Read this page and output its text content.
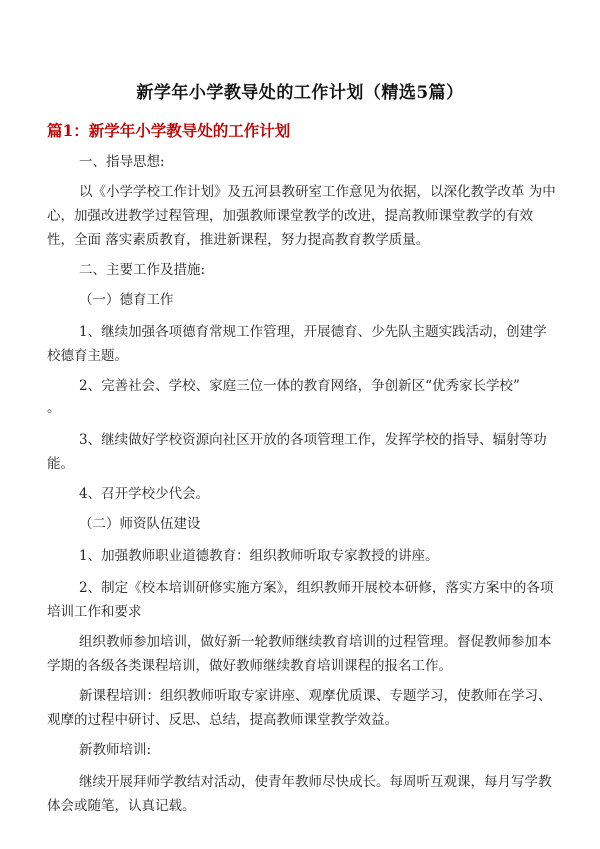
新学年小学教导处的工作计划（精选5篇）
篇1：新学年小学教导处的工作计划

一、指导思想:

以《小学学校工作计划》及五河县教研室工作意见为依据，以深化教学改革 为中心，加强改进教学过程管理，加强教师课堂教学的改进，提高教师课堂教学的有效性，全面 落实素质教育，推进新课程，努力提高教育教学质量。

二、主要工作及措施:

（一）德育工作

1、继续加强各项德育常规工作管理，开展德育、少先队主题实践活动，创建学校德育主题。

2、完善社会、学校、家庭三位一体的教育网络，争创新区“优秀家长学校”

。

3、继续做好学校资源向社区开放的各项管理工作，发挥学校的指导、辐射等功能。

4、召开学校少代会。

（二）师资队伍建设

1、加强教师职业道德教育：组织教师听取专家教授的讲座。

2、制定《校本培训研修实施方案》，组织教师开展校本研修，落实方案中的各项培训工作和要求

组织教师参加培训，做好新一轮教师继续教育培训的过程管理。督促教师参加本学期的各级各类课程培训，做好教师继续教育培训课程的报名工作。

新课程培训：组织教师听取专家讲座、观摩优质课、专题学习，使教师在学习、观摩的过程中研讨、反思、总结，提高教师课堂教学效益。

新教师培训:

继续开展拜师学教结对活动，使青年教师尽快成长。每周听互观课，每月写学教体会或随笔，认真记载。
